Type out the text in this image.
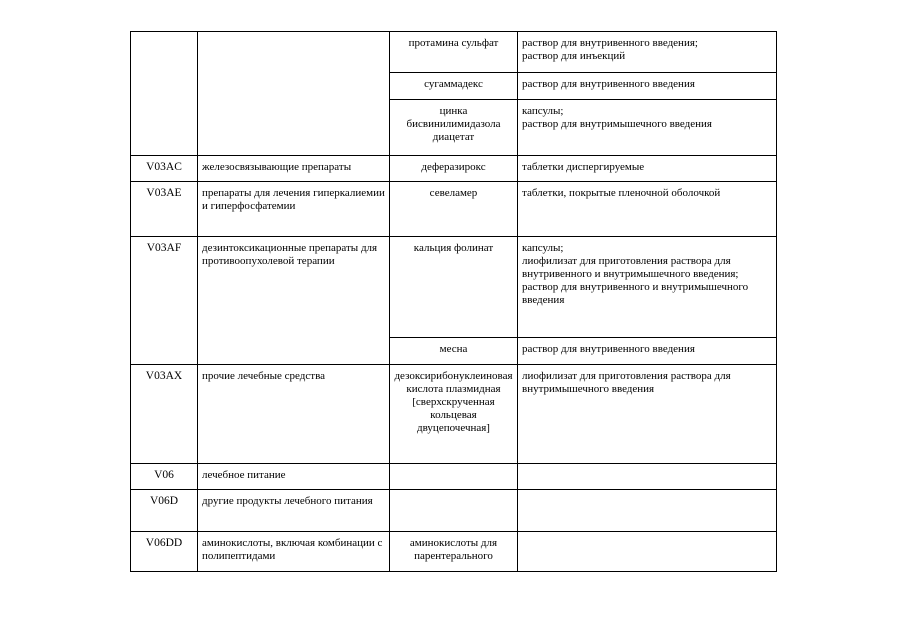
		протамина сульфат	раствор для внутривенного введения;
раствор для инъекций

		сугаммадекс	раствор для внутривенного введения

		цинка бисвинилимидазола диацетат	капсулы;
раствор для внутримышечного введения

V03AC	железосвязывающие препараты	деферазирокс	таблетки диспергируемые

V03AE	препараты для лечения гиперкалиемии и гиперфосфатемии	севеламер	таблетки, покрытые пленочной оболочкой

V03AF	дезинтоксикационные препараты для противоопухолевой терапии	кальция фолинат	капсулы;
лиофилизат для приготовления раствора для внутривенного и внутримышечного введения;
раствор для внутривенного и внутримышечного введения

		месна	раствор для внутривенного введения

V03AX	прочие лечебные средства	дезоксирибонуклеиновая кислота плазмидная [сверхскрученная кольцевая двуцепочечная]	лиофилизат для приготовления раствора для внутримышечного введения

V06	лечебное питание		
V06D	другие продукты лечебного питания		
V06DD	аминокислоты, включая комбинации с полипептидами	аминокислоты для парентерального	
